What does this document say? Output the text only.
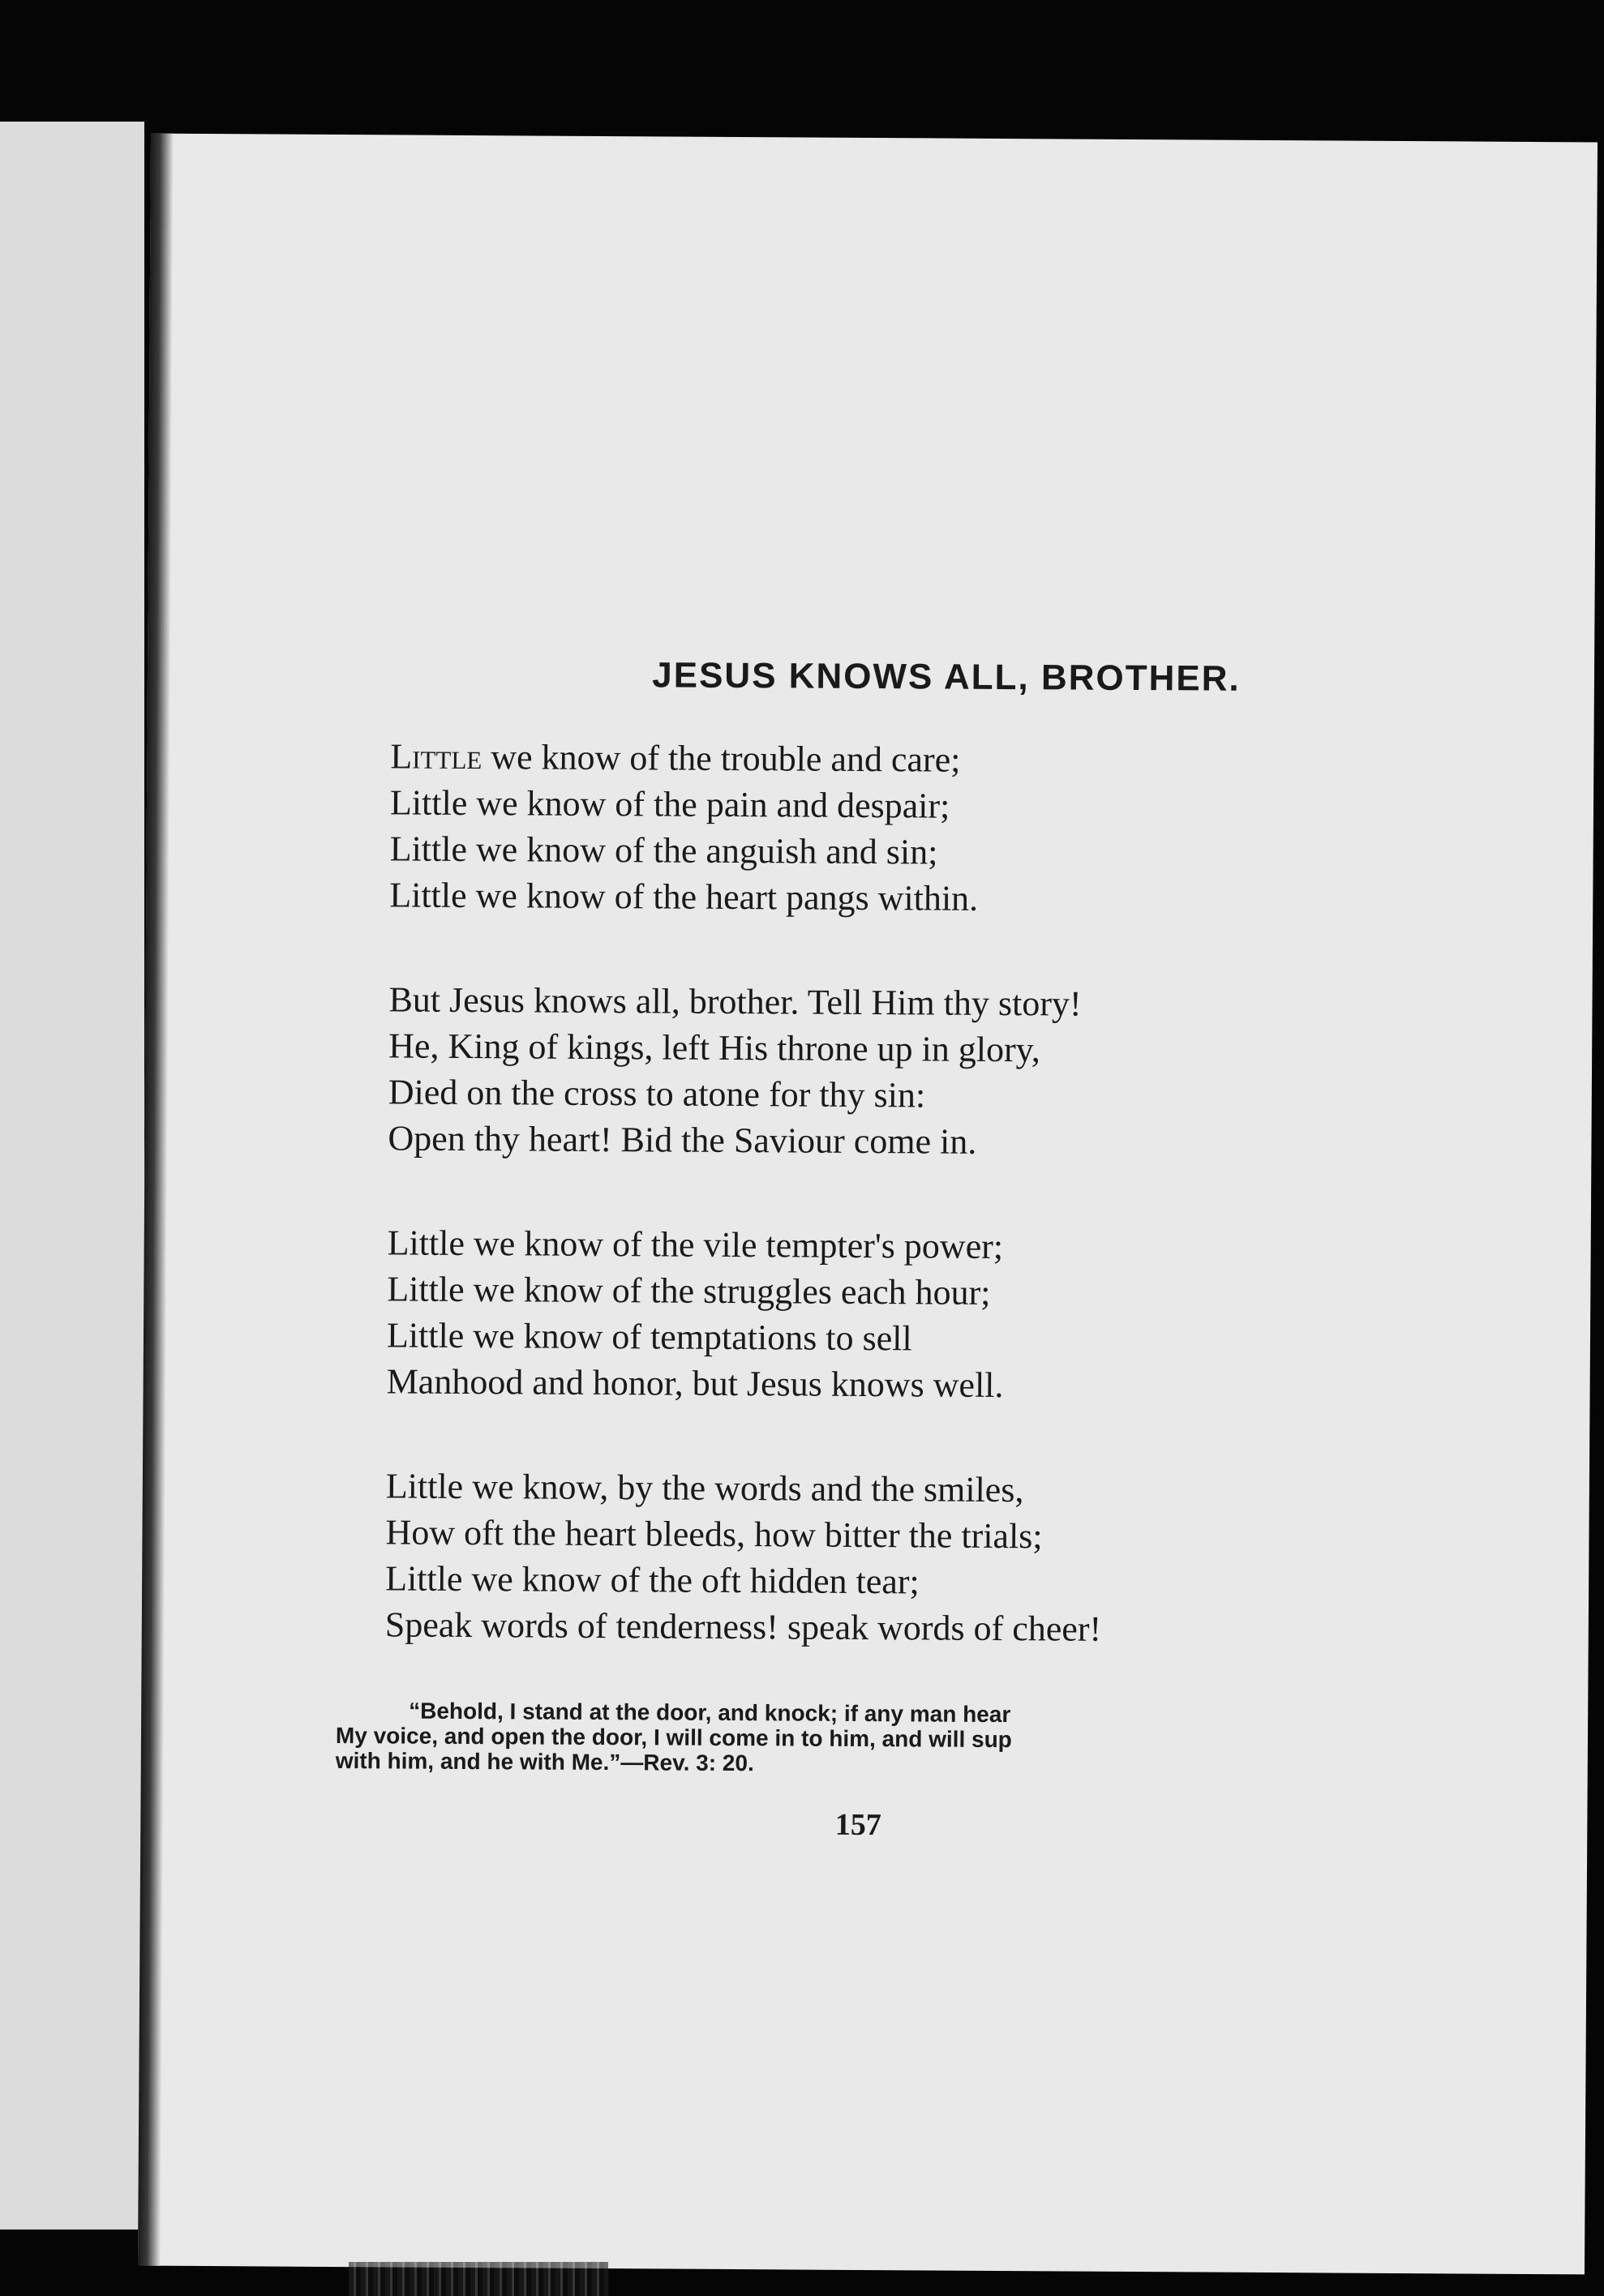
JESUS KNOWS ALL, BROTHER.
Little we know of the trouble and care;
Little we know of the pain and despair;
Little we know of the anguish and sin;
Little we know of the heart pangs within.
But Jesus knows all, brother. Tell Him thy story!
He, King of kings, left His throne up in glory,
Died on the cross to atone for thy sin:
Open thy heart! Bid the Saviour come in.
Little we know of the vile tempter's power;
Little we know of the struggles each hour;
Little we know of temptations to sell
Manhood and honor, but Jesus knows well.
Little we know, by the words and the smiles,
How oft the heart bleeds, how bitter the trials;
Little we know of the oft hidden tear;
Speak words of tenderness! speak words of cheer!
“Behold, I stand at the door, and knock; if any man hear
My voice, and open the door, I will come in to him, and will sup
with him, and he with Me.”—Rev. 3: 20.
157
